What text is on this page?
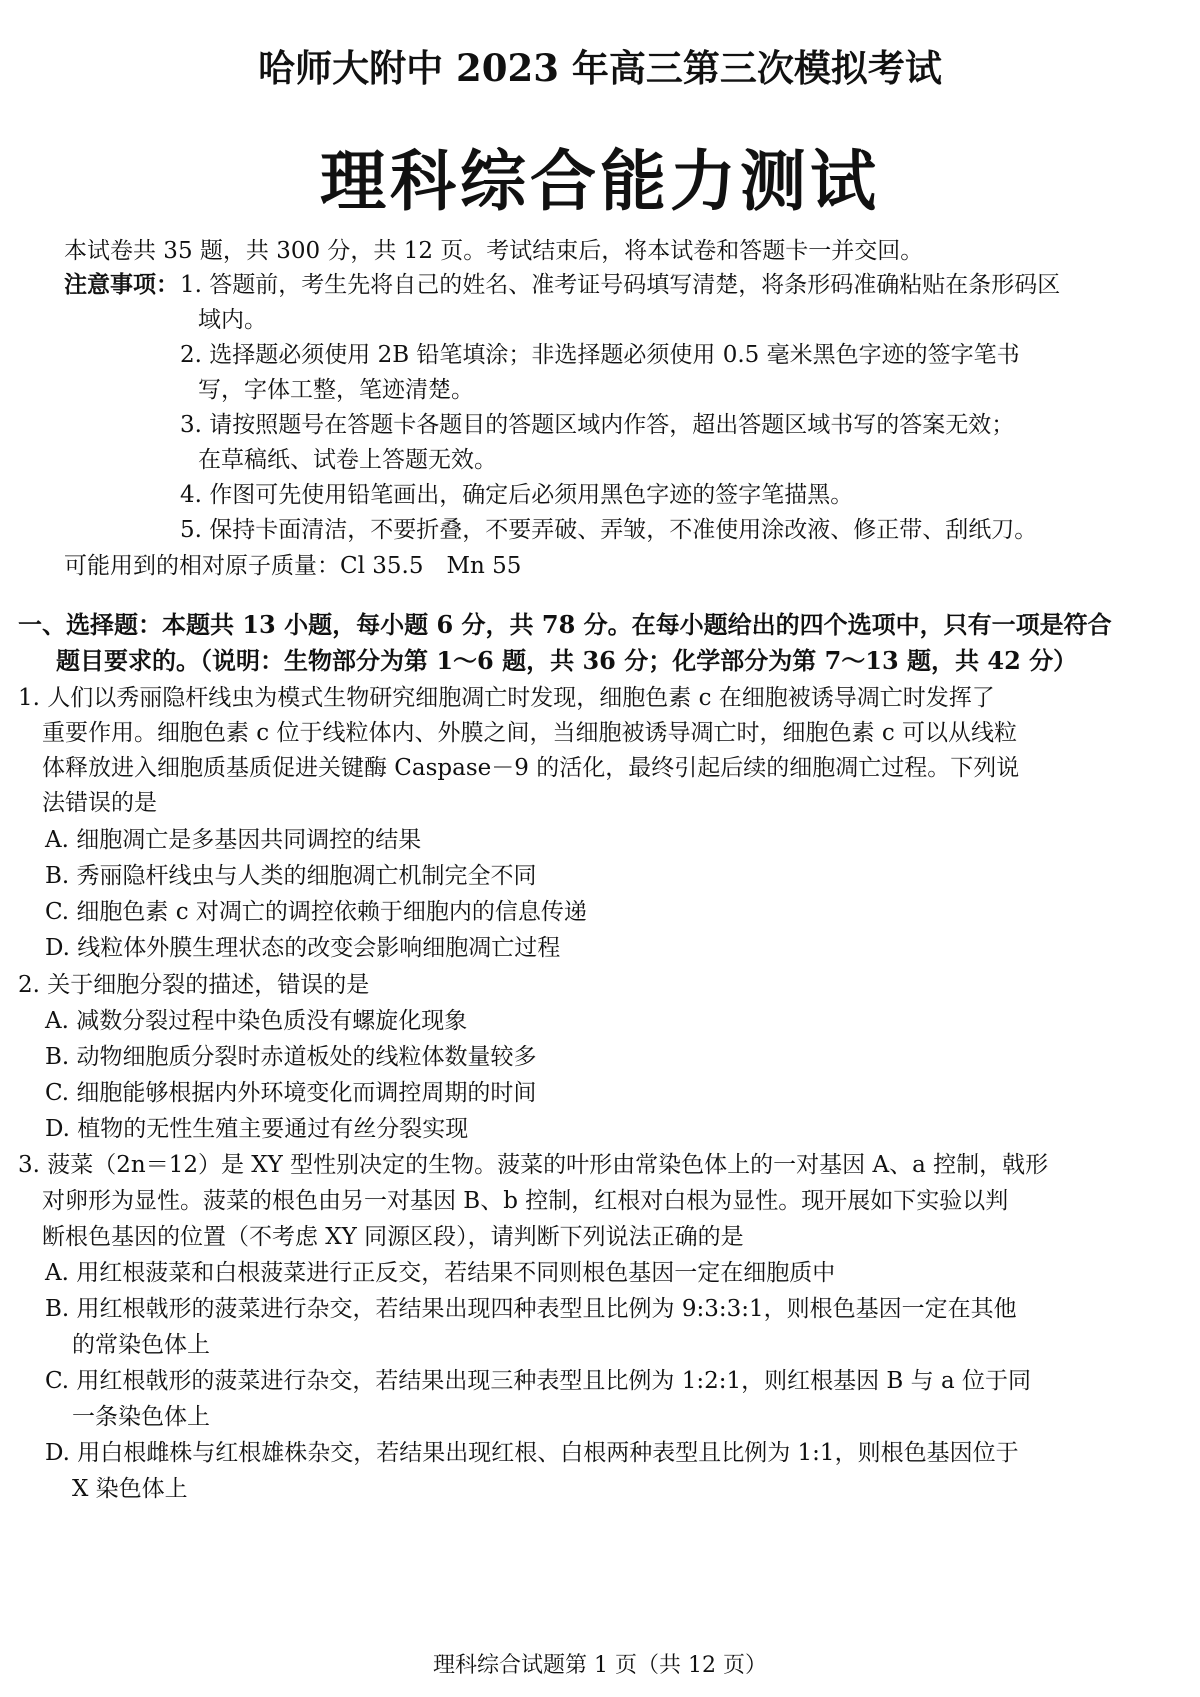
哈师大附中 2023 年高三第三次模拟考试
理科综合能力测试
本试卷共 35 题，共 300 分，共 12 页。考试结束后，将本试卷和答题卡一并交回。
注意事项： 1. 答题前，考生先将自己的姓名、准考证号码填写清楚，将条形码准确粘贴在条形码区
域内。
2. 选择题必须使用 2B 铅笔填涂；非选择题必须使用 0.5 毫米黑色字迹的签字笔书
写，字体工整，笔迹清楚。
3. 请按照题号在答题卡各题目的答题区域内作答，超出答题区域书写的答案无效；
在草稿纸、试卷上答题无效。
4. 作图可先使用铅笔画出，确定后必须用黑色字迹的签字笔描黑。
5. 保持卡面清洁，不要折叠，不要弄破、弄皱，不准使用涂改液、修正带、刮纸刀。
可能用到的相对原子质量：Cl 35.5　Mn 55
一、选择题：本题共 13 小题，每小题 6 分，共 78 分。在每小题给出的四个选项中，只有一项是符合
题目要求的。（说明：生物部分为第 1～6 题，共 36 分；化学部分为第 7～13 题，共 42 分）
1. 人们以秀丽隐杆线虫为模式生物研究细胞凋亡时发现，细胞色素 c 在细胞被诱导凋亡时发挥了
重要作用。细胞色素 c 位于线粒体内、外膜之间，当细胞被诱导凋亡时，细胞色素 c 可以从线粒
体释放进入细胞质基质促进关键酶 Caspase－9 的活化，最终引起后续的细胞凋亡过程。下列说
法错误的是
A. 细胞凋亡是多基因共同调控的结果
B. 秀丽隐杆线虫与人类的细胞凋亡机制完全不同
C. 细胞色素 c 对凋亡的调控依赖于细胞内的信息传递
D. 线粒体外膜生理状态的改变会影响细胞凋亡过程
2. 关于细胞分裂的描述，错误的是
A. 减数分裂过程中染色质没有螺旋化现象
B. 动物细胞质分裂时赤道板处的线粒体数量较多
C. 细胞能够根据内外环境变化而调控周期的时间
D. 植物的无性生殖主要通过有丝分裂实现
3. 菠菜（2n＝12）是 XY 型性别决定的生物。菠菜的叶形由常染色体上的一对基因 A、a 控制，戟形
对卵形为显性。菠菜的根色由另一对基因 B、b 控制，红根对白根为显性。现开展如下实验以判
断根色基因的位置（不考虑 XY 同源区段），请判断下列说法正确的是
A. 用红根菠菜和白根菠菜进行正反交，若结果不同则根色基因一定在细胞质中
B. 用红根戟形的菠菜进行杂交，若结果出现四种表型且比例为 9:3:3:1，则根色基因一定在其他
的常染色体上
C. 用红根戟形的菠菜进行杂交，若结果出现三种表型且比例为 1:2:1，则红根基因 B 与 a 位于同
一条染色体上
D. 用白根雌株与红根雄株杂交，若结果出现红根、白根两种表型且比例为 1:1，则根色基因位于
X 染色体上
理科综合试题第 1 页（共 12 页）
